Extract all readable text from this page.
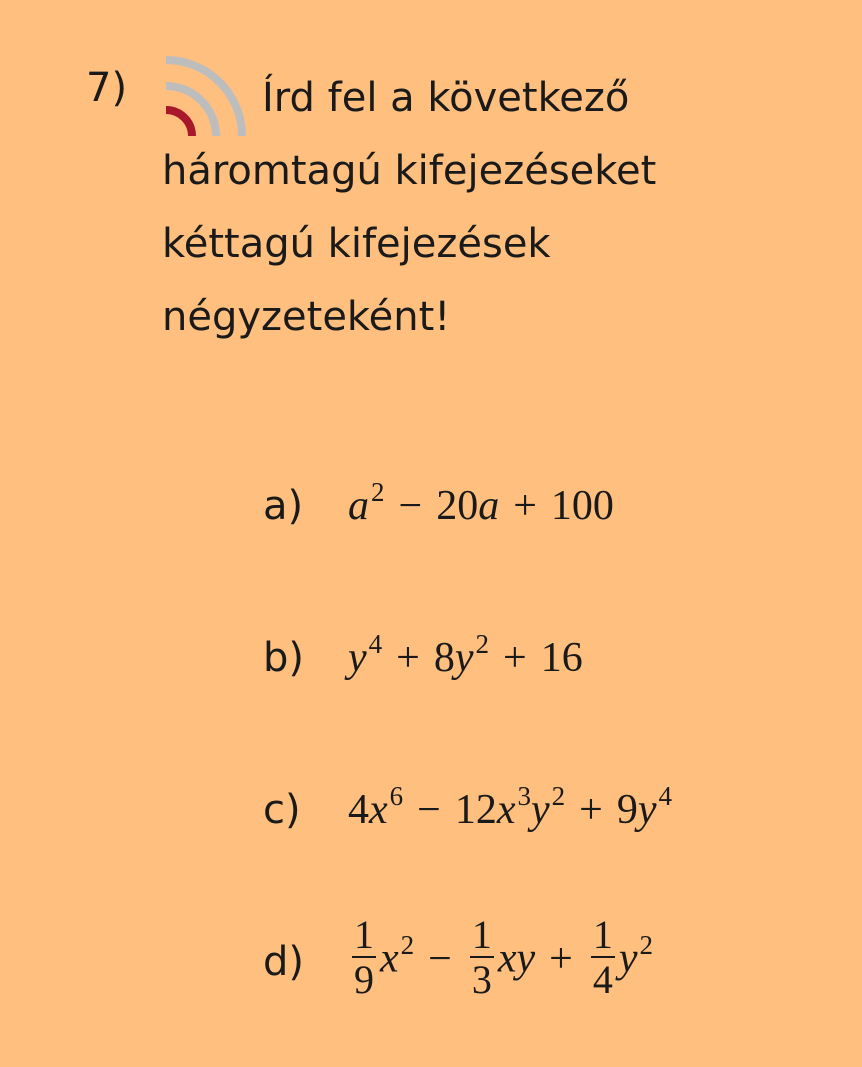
7)	Írd fel a következő
háromtagú kifejezéseket
kéttagú kifejezések
négyzeteként!
a) $a^2 - 20a + 100$
b) $y^4 + 8y^2 + 16$
c) $4x^6 - 12x^3y^2 + 9y^4$
$d) \frac{1}{9} x^2 - \frac{1}{3}$ xy + $\frac{1}{4} y^2$
